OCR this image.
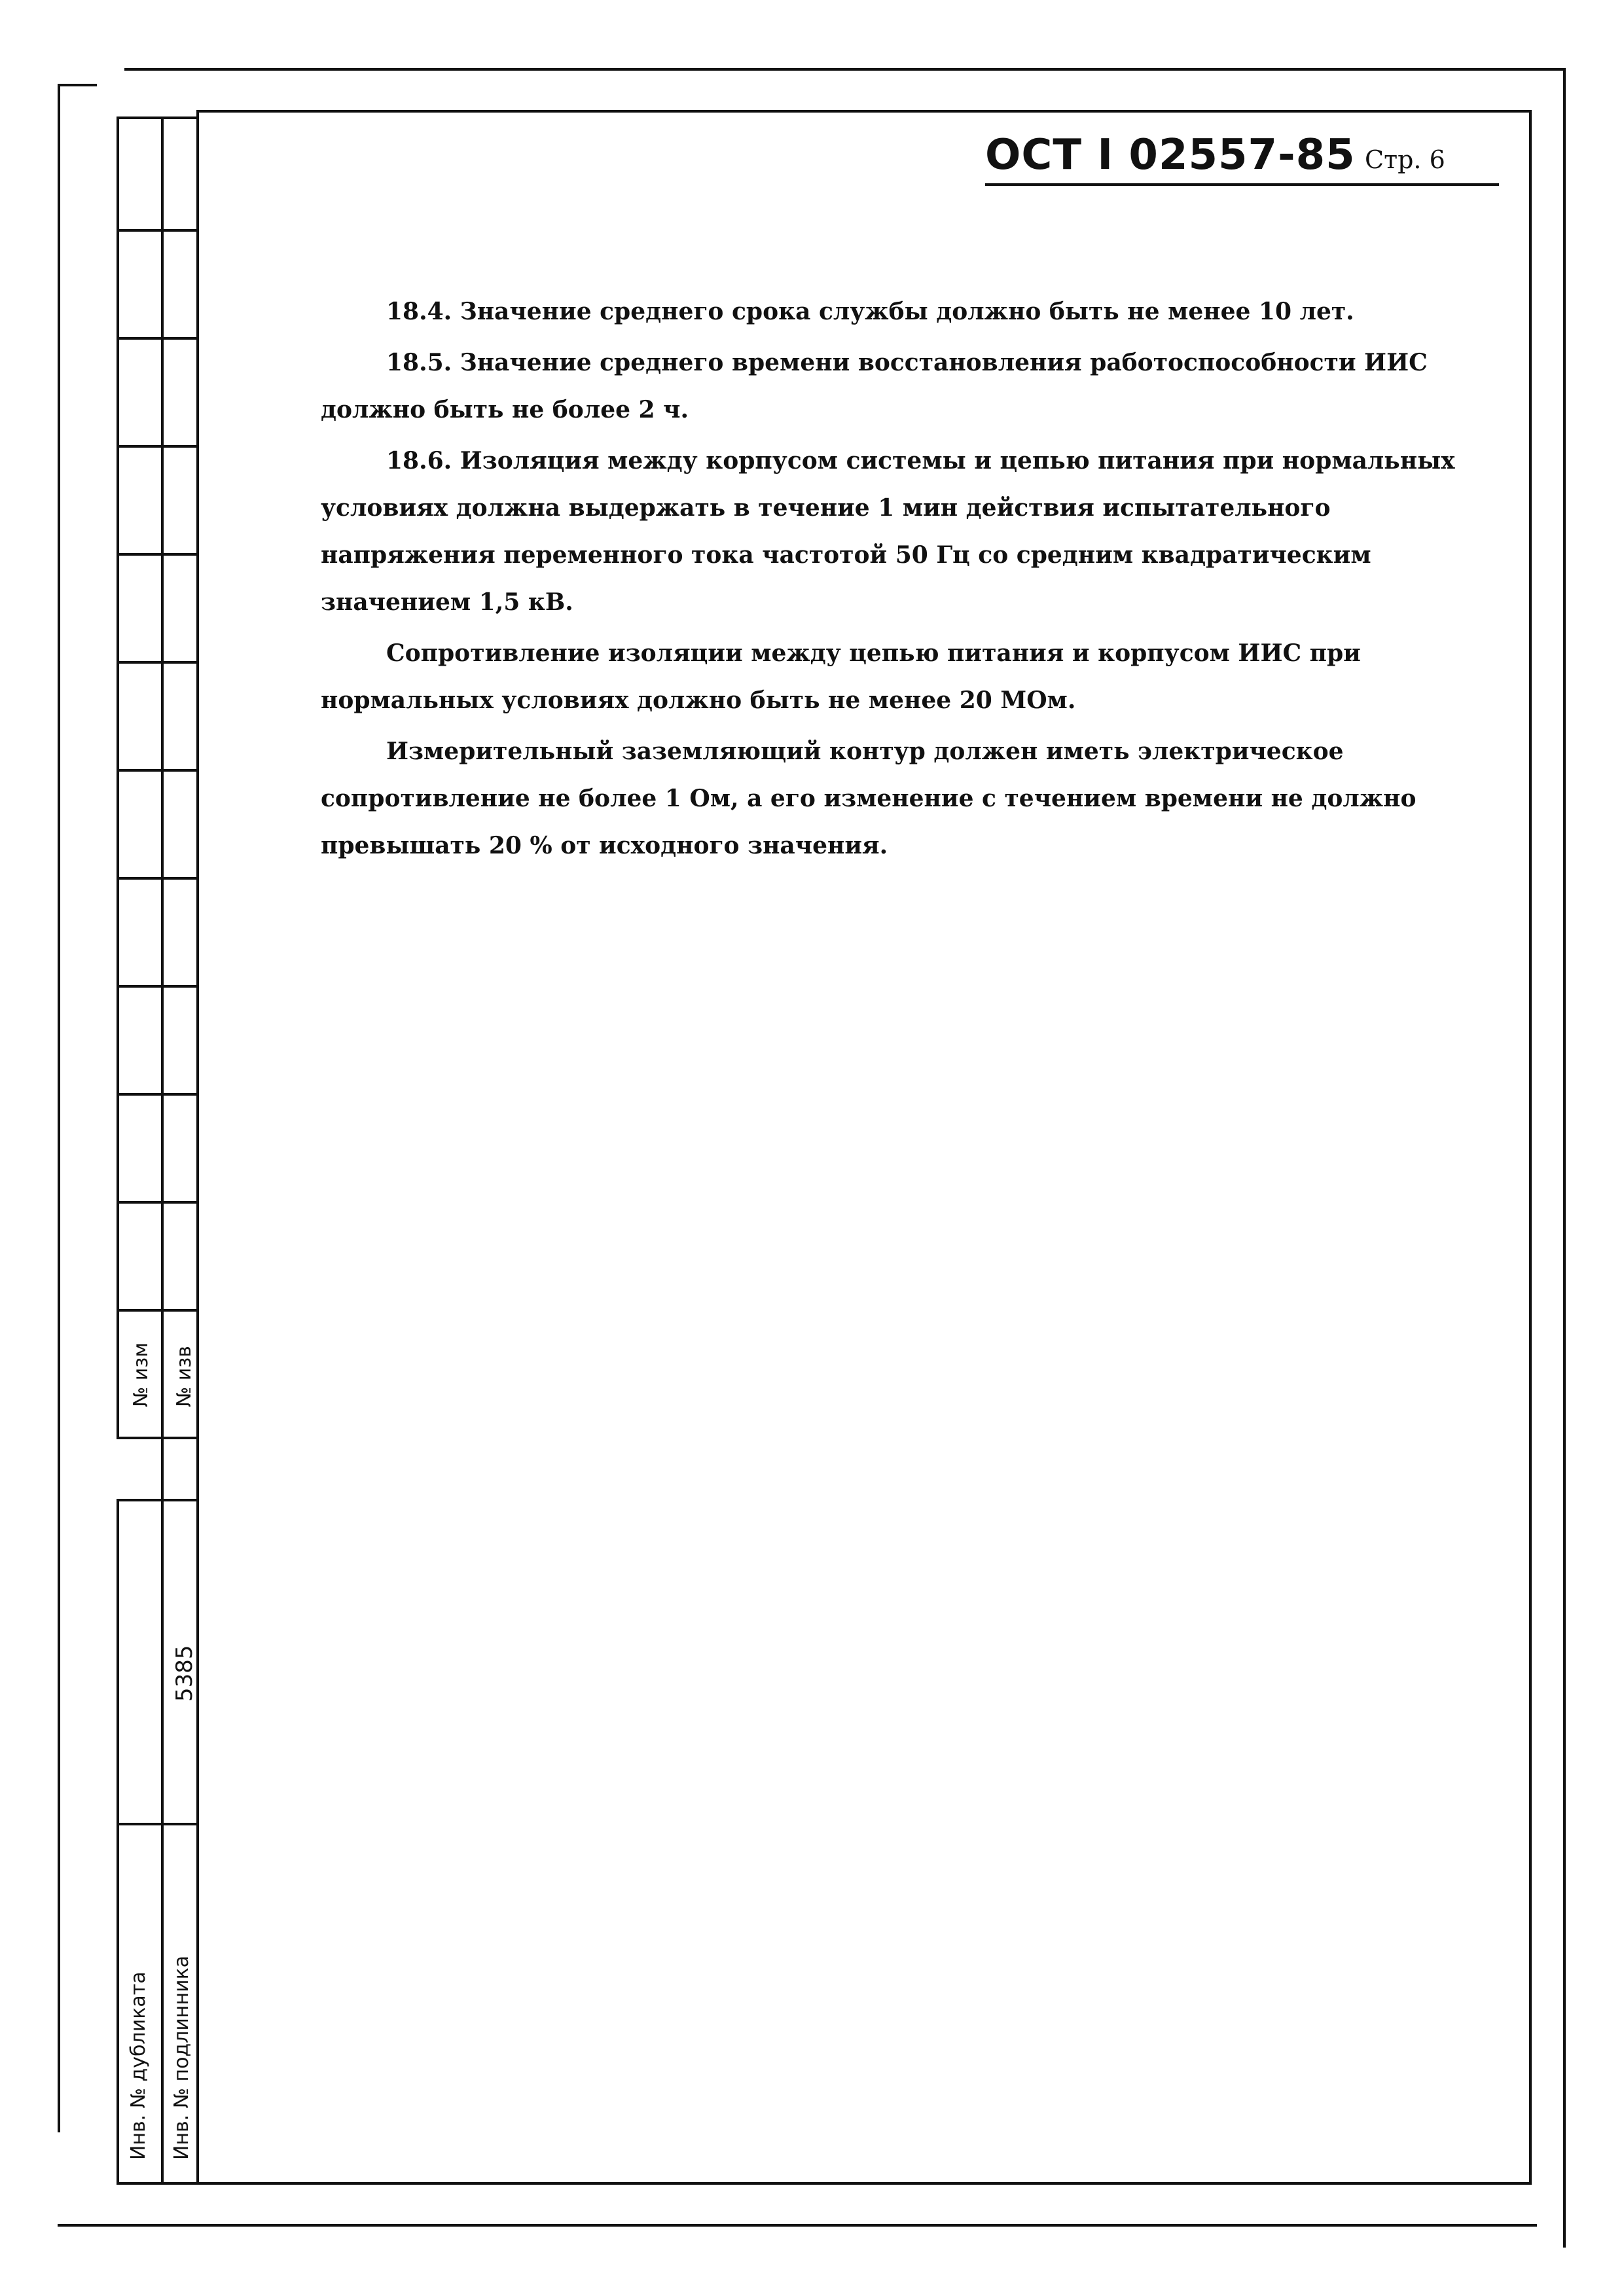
№ изм № изв
Инв. № дубликата Инв. № подлинника
5385
ОСТ І 02557-85 Стр. 6

18.4. Значение среднего срока службы должно быть не менее 10 лет.

18.5. Значение среднего времени восстановления работоспособности ИИС должно быть не более 2 ч.

18.6. Изоляция между корпусом системы и цепью питания при нормальных условиях должна выдержать в течение 1 мин действия испытательного напряжения переменного тока частотой 50 Гц со средним квадратическим значением 1,5 кВ.

Сопротивление изоляции между цепью питания и корпусом ИИС при нормальных условиях должно быть не менее 20 МОм.

Измерительный заземляющий контур должен иметь электрическое сопротивление не более 1 Ом, а его изменение с течением времени не должно превышать 20 % от исходного значения.
